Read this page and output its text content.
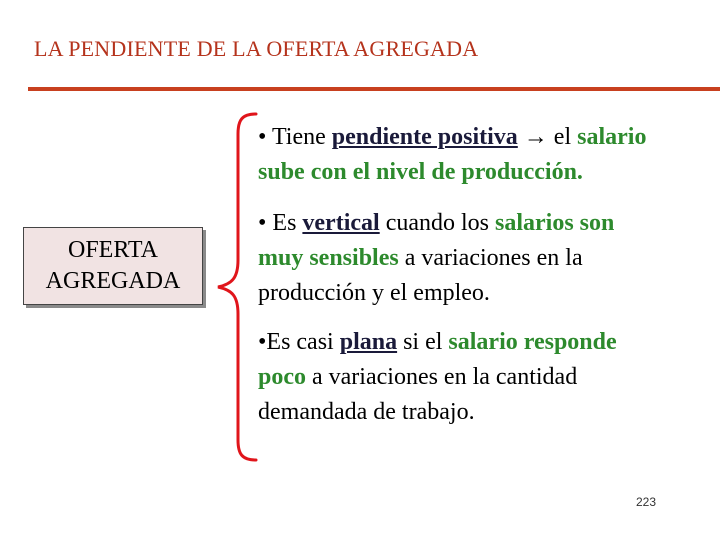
LA PENDIENTE DE LA OFERTA AGREGADA
OFERTA
AGREGADA
• Tiene pendiente positiva → el salario
sube con el nivel de producción.
• Es vertical cuando los salarios son
muy sensibles a variaciones en la
producción y el empleo.
•Es casi plana si el salario responde
poco a variaciones en la cantidad
demandada de trabajo.
223
